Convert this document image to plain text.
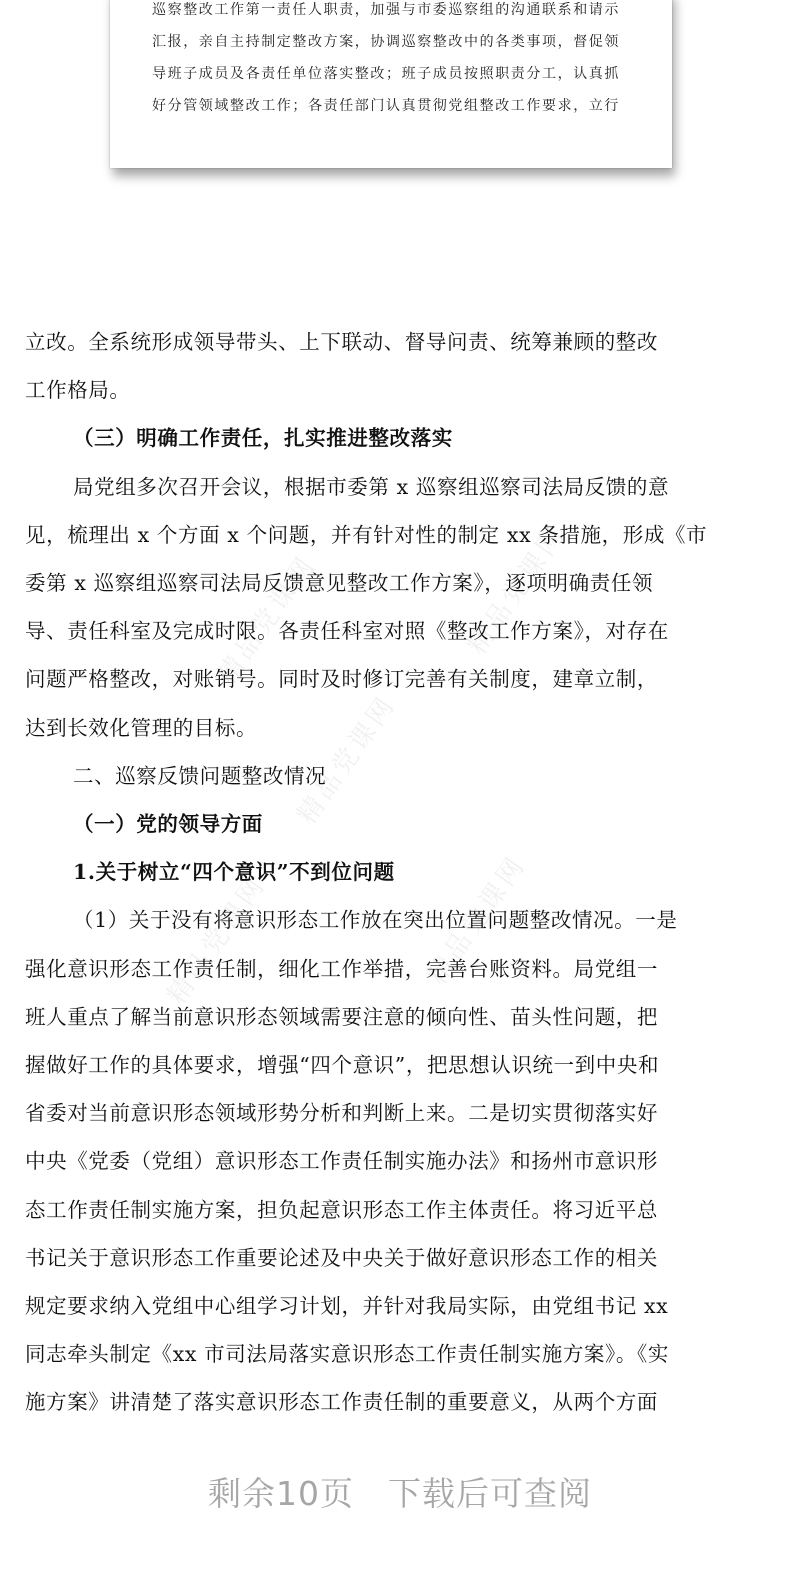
巡察整改工作第一责任人职责，加强与市委巡察组的沟通联系和请示
汇报，亲自主持制定整改方案，协调巡察整改中的各类事项，督促领
导班子成员及各责任单位落实整改；班子成员按照职责分工，认真抓
好分管领域整改工作；各责任部门认真贯彻党组整改工作要求，立行
精品党课网	精品党课网
精品党课网
精品党课网	精品党课网
立改。全系统形成领导带头、上下联动、督导问责、统筹兼顾的整改
工作格局。
（三）明确工作责任，扎实推进整改落实
局党组多次召开会议，根据市委第 x 巡察组巡察司法局反馈的意
见，梳理出 x 个方面 x 个问题，并有针对性的制定 xx 条措施，形成《市
委第 x 巡察组巡察司法局反馈意见整改工作方案》，逐项明确责任领
导、责任科室及完成时限。各责任科室对照《整改工作方案》，对存在
问题严格整改，对账销号。同时及时修订完善有关制度，建章立制，
达到长效化管理的目标。
二、巡察反馈问题整改情况
（一）党的领导方面
1.关于树立“四个意识”不到位问题
（1）关于没有将意识形态工作放在突出位置问题整改情况。一是
强化意识形态工作责任制，细化工作举措，完善台账资料。局党组一
班人重点了解当前意识形态领域需要注意的倾向性、苗头性问题，把
握做好工作的具体要求，增强“四个意识”，把思想认识统一到中央和
省委对当前意识形态领域形势分析和判断上来。二是切实贯彻落实好
中央《党委（党组）意识形态工作责任制实施办法》和扬州市意识形
态工作责任制实施方案，担负起意识形态工作主体责任。将习近平总
书记关于意识形态工作重要论述及中央关于做好意识形态工作的相关
规定要求纳入党组中心组学习计划，并针对我局实际，由党组书记 xx
同志牵头制定《xx 市司法局落实意识形态工作责任制实施方案》。《实
施方案》讲清楚了落实意识形态工作责任制的重要意义，从两个方面
剩余10页 下载后可查阅
